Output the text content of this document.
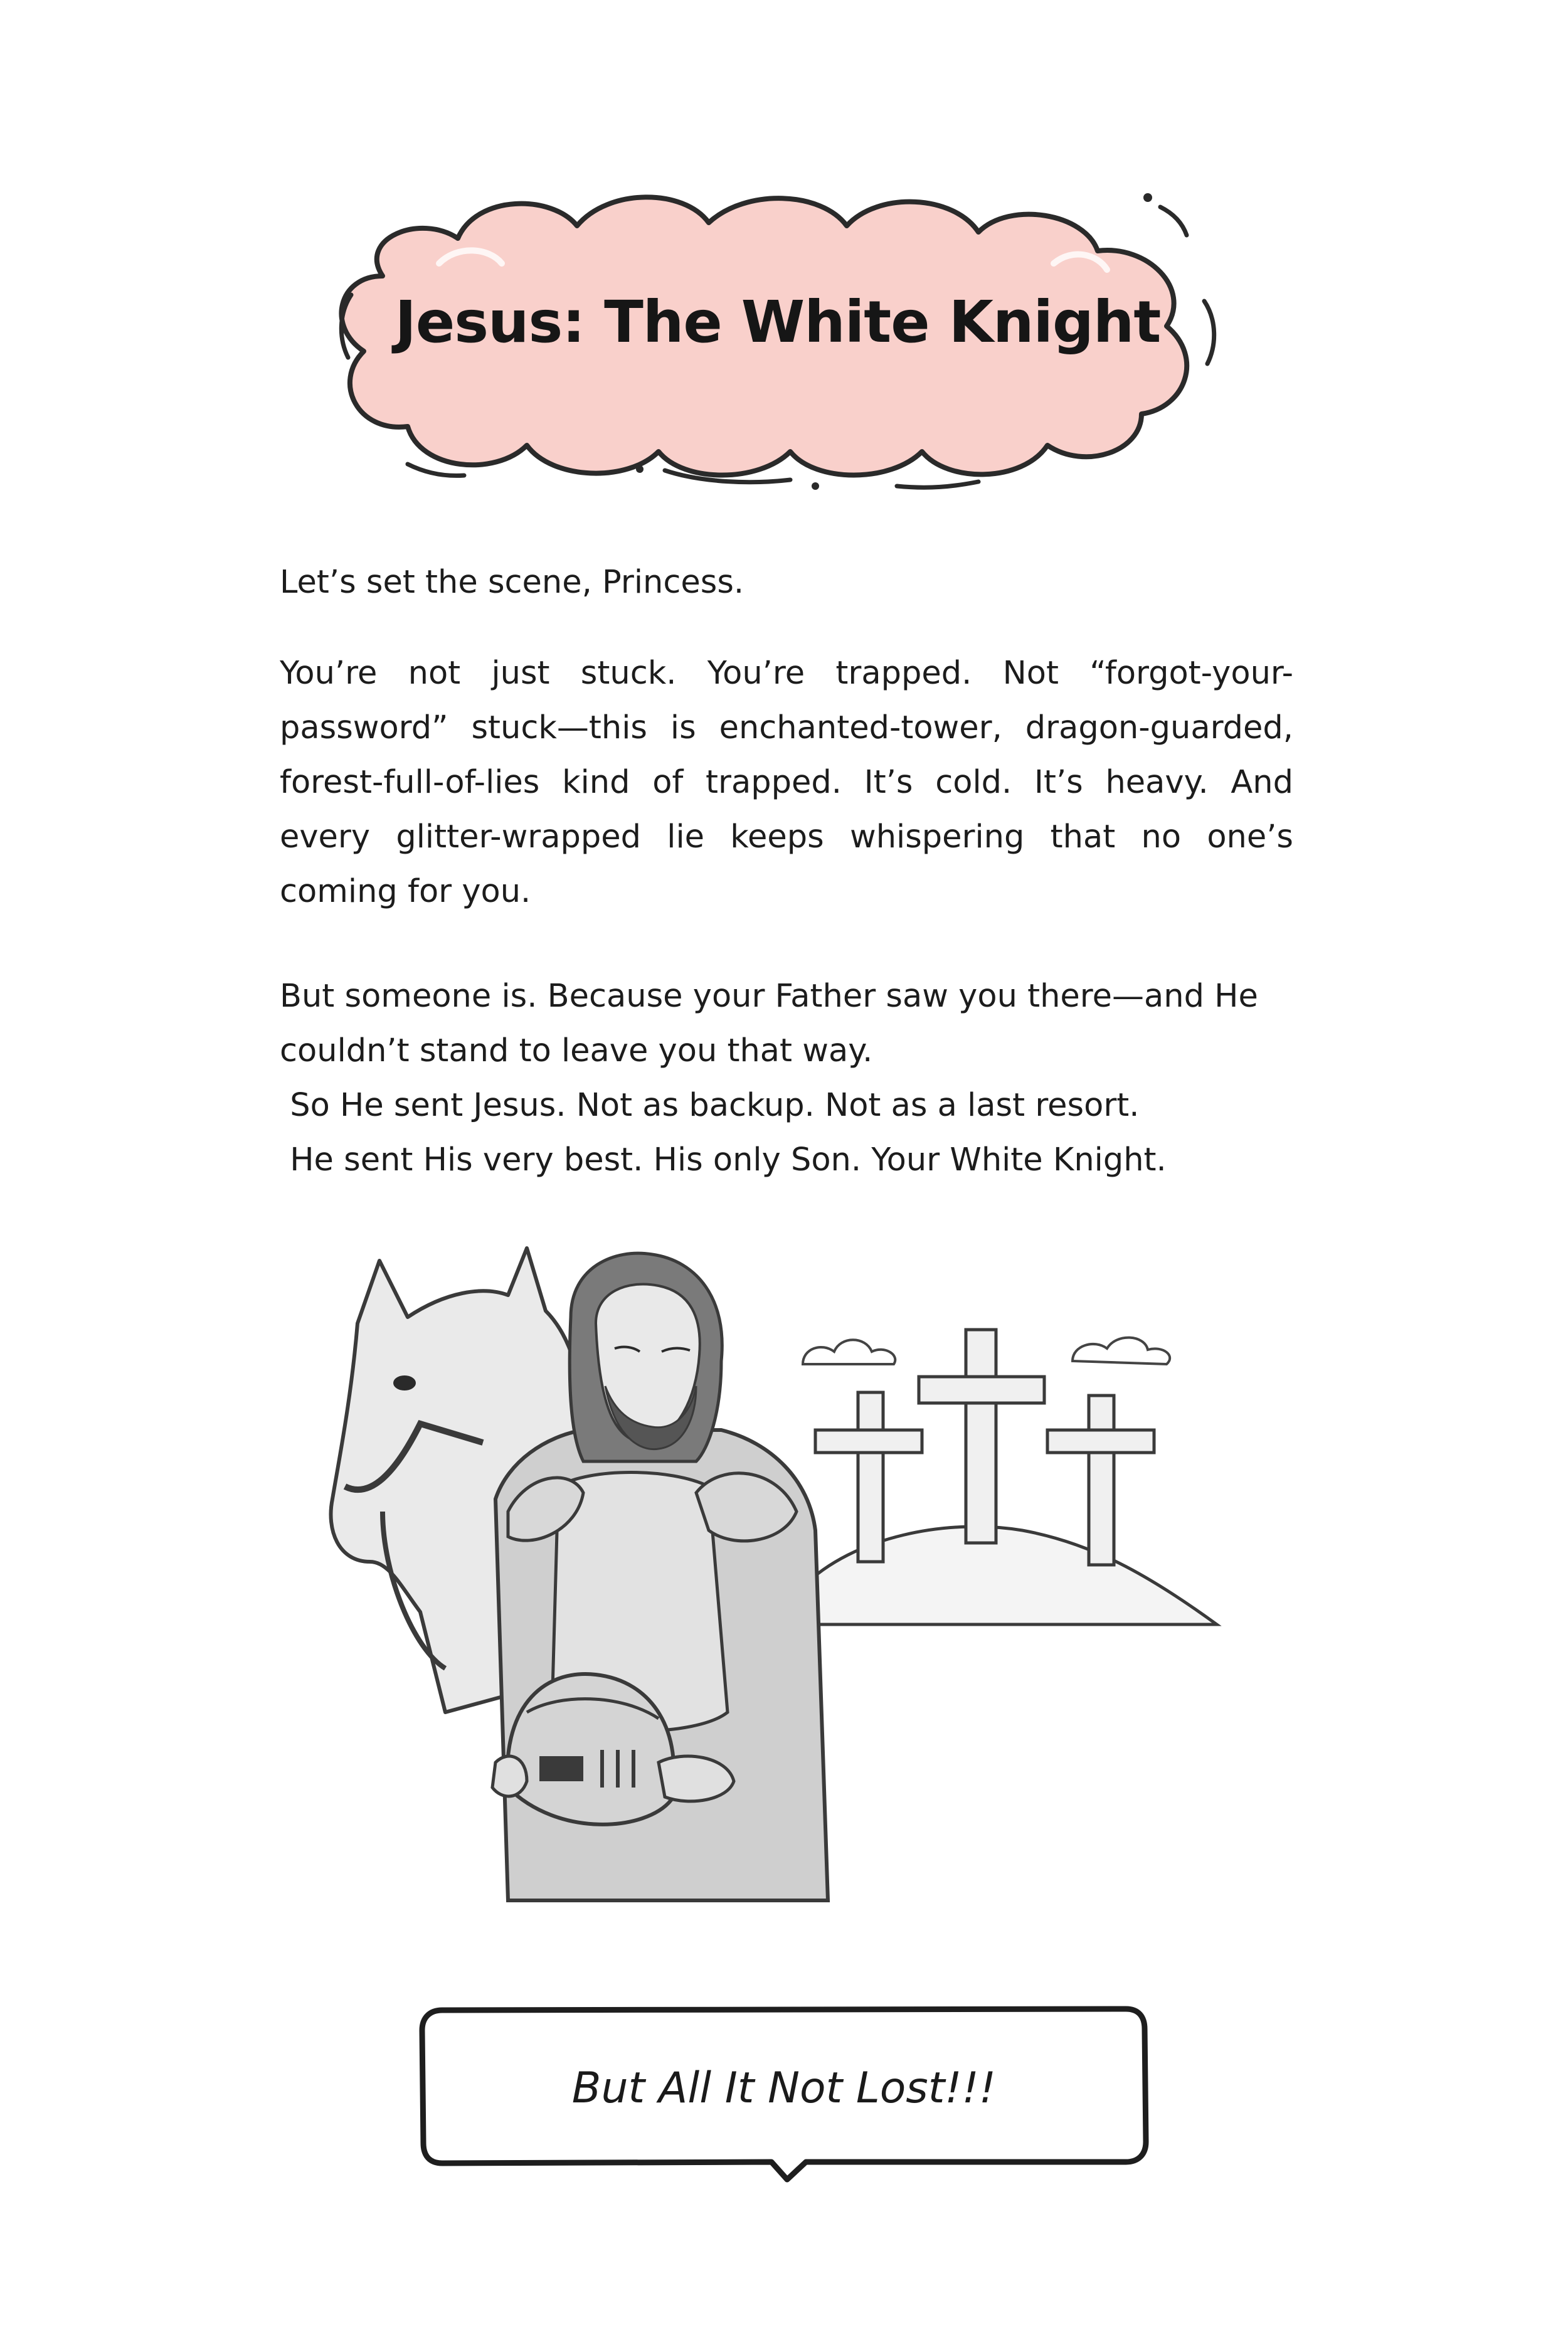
Jesus: The White Knight

Let’s set the scene, Princess.

You’re not just stuck. You’re trapped. Not “forgot-your-password” stuck—this is enchanted-tower, dragon-guarded, forest-full-of-lies kind of trapped. It’s cold. It’s heavy. And every glitter-wrapped lie keeps whispering that no one’s coming for you.

But someone is. Because your Father saw you there—and He couldn’t stand to leave you that way.

So He sent Jesus. Not as backup. Not as a last resort.

He sent His very best. His only Son. Your White Knight.

But All It Not Lost!!!
